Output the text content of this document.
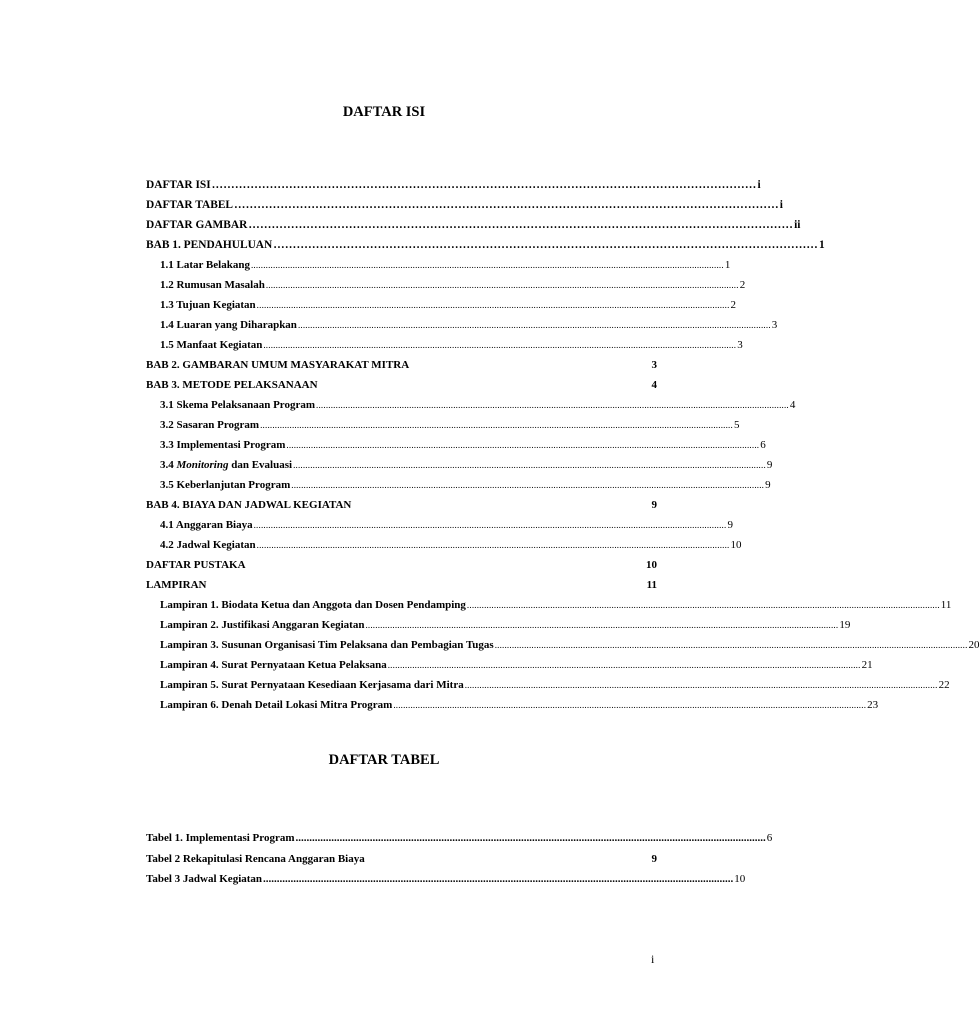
DAFTAR ISI
DAFTAR ISI …………………………………………………………………………………………………………………………… i
DAFTAR TABEL …………………………………………………………………………………………………………………………… i
DAFTAR GAMBAR …………………………………………………………………………………………………………………………… ii
BAB 1. PENDAHULUAN …………………………………………………………………………………………………………………………… 1
1.1 Latar Belakang ................................................................................................................................................................................................. 1
1.2 Rumusan Masalah ................................................................................................................................................................................................. 2
1.3 Tujuan Kegiatan ................................................................................................................................................................................................. 2
1.4 Luaran yang Diharapkan ................................................................................................................................................................................................. 3
1.5 Manfaat Kegiatan ................................................................................................................................................................................................. 3
BAB 2. GAMBARAN UMUM MASYARAKAT MITRA	3
BAB 3. METODE PELAKSANAAN	4
3.1 Skema Pelaksanaan Program ................................................................................................................................................................................................. 4
3.2 Sasaran Program ................................................................................................................................................................................................. 5
3.3 Implementasi Program ................................................................................................................................................................................................. 6
3.4 Monitoring dan Evaluasi ................................................................................................................................................................................................. 9
3.5 Keberlanjutan Program ................................................................................................................................................................................................. 9
BAB 4. BIAYA DAN JADWAL KEGIATAN	9
4.1 Anggaran Biaya ................................................................................................................................................................................................. 9
4.2 Jadwal Kegiatan ................................................................................................................................................................................................. 10
DAFTAR PUSTAKA	10
LAMPIRAN	11
Lampiran 1. Biodata Ketua dan Anggota dan Dosen Pendamping ................................................................................................................................................................................................. 11
Lampiran 2. Justifikasi Anggaran Kegiatan ................................................................................................................................................................................................. 19
Lampiran 3. Susunan Organisasi Tim Pelaksana dan Pembagian Tugas ................................................................................................................................................................................................. 20
Lampiran 4. Surat Pernyataan Ketua Pelaksana ................................................................................................................................................................................................. 21
Lampiran 5. Surat Pernyataan Kesediaan Kerjasama dari Mitra ................................................................................................................................................................................................. 22
Lampiran 6. Denah Detail Lokasi Mitra Program ................................................................................................................................................................................................. 23
DAFTAR TABEL
Tabel 1. Implementasi Program ........................................................................................................................................................................... 6
Tabel 2 Rekapitulasi Rencana Anggaran Biaya	9
Tabel 3 Jadwal Kegiatan ........................................................................................................................................................................... 10
i
